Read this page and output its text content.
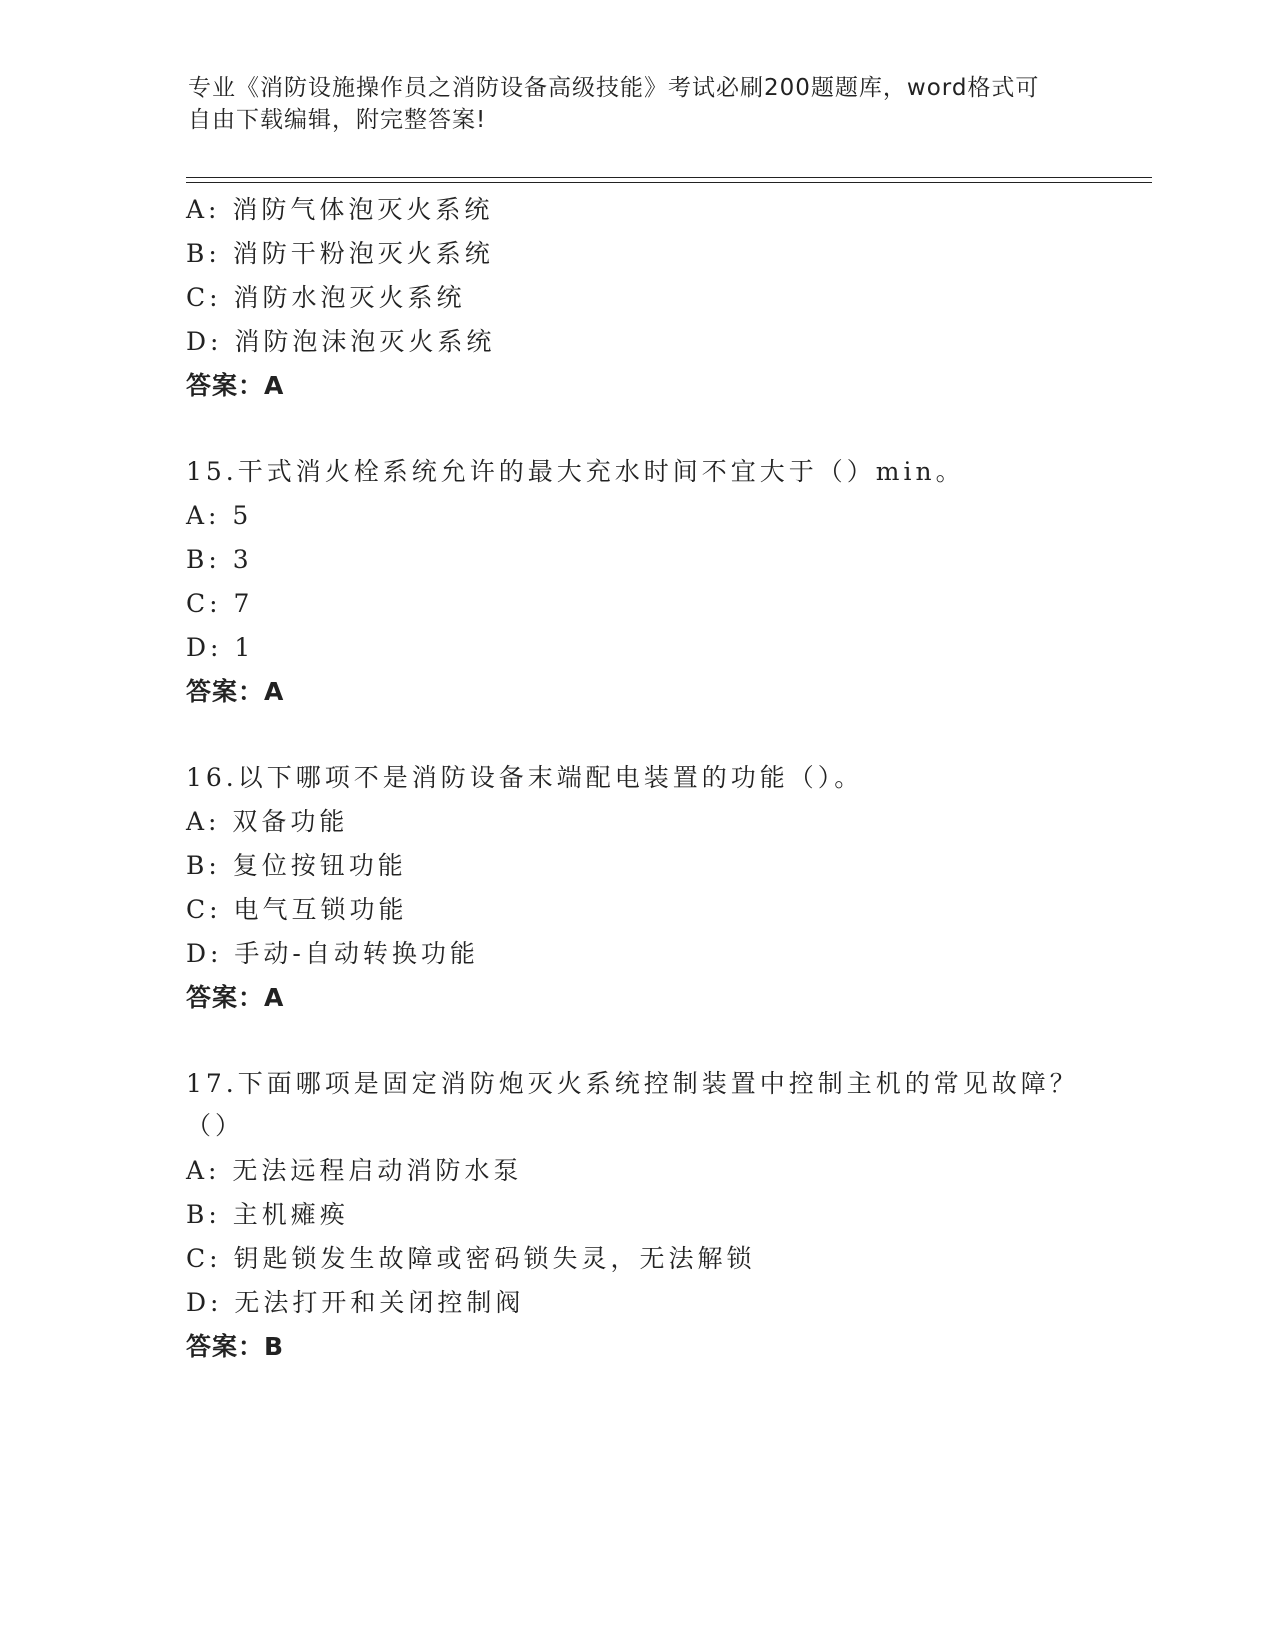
专业《消防设施操作员之消防设备高级技能》考试必刷200题题库，word格式可
自由下载编辑，附完整答案!
A: 消防气体泡灭火系统
B: 消防干粉泡灭火系统
C: 消防水泡灭火系统
D: 消防泡沫泡灭火系统
答案：A
15.干式消火栓系统允许的最大充水时间不宜大于（）min。
A: 5
B: 3
C: 7
D: 1
答案：A
16.以下哪项不是消防设备末端配电装置的功能（）。
A: 双备功能
B: 复位按钮功能
C: 电气互锁功能
D: 手动-自动转换功能
答案：A
17.下面哪项是固定消防炮灭火系统控制装置中控制主机的常见故障？
（）
A: 无法远程启动消防水泵
B: 主机瘫痪
C: 钥匙锁发生故障或密码锁失灵，无法解锁
D: 无法打开和关闭控制阀
答案：B
